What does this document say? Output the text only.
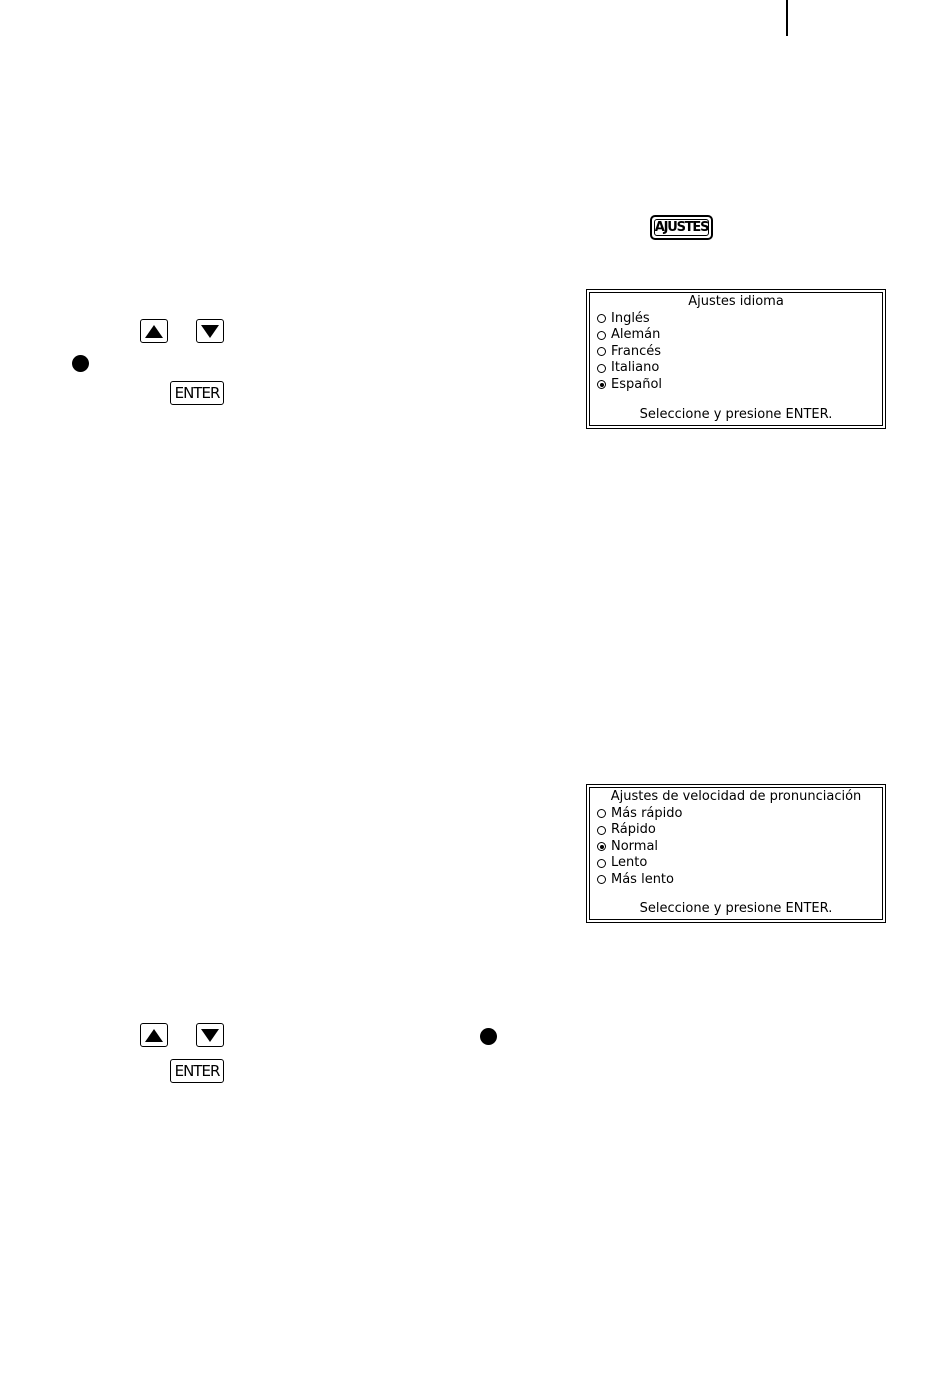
AJUSTES
ENTER
Ajustes idioma
Inglés
Alemán
Francés
Italiano
Español
Seleccione y presione ENTER.
Ajustes de velocidad de pronunciación
Más rápido
Rápido
Normal
Lento
Más lento
Seleccione y presione ENTER.
ENTER
